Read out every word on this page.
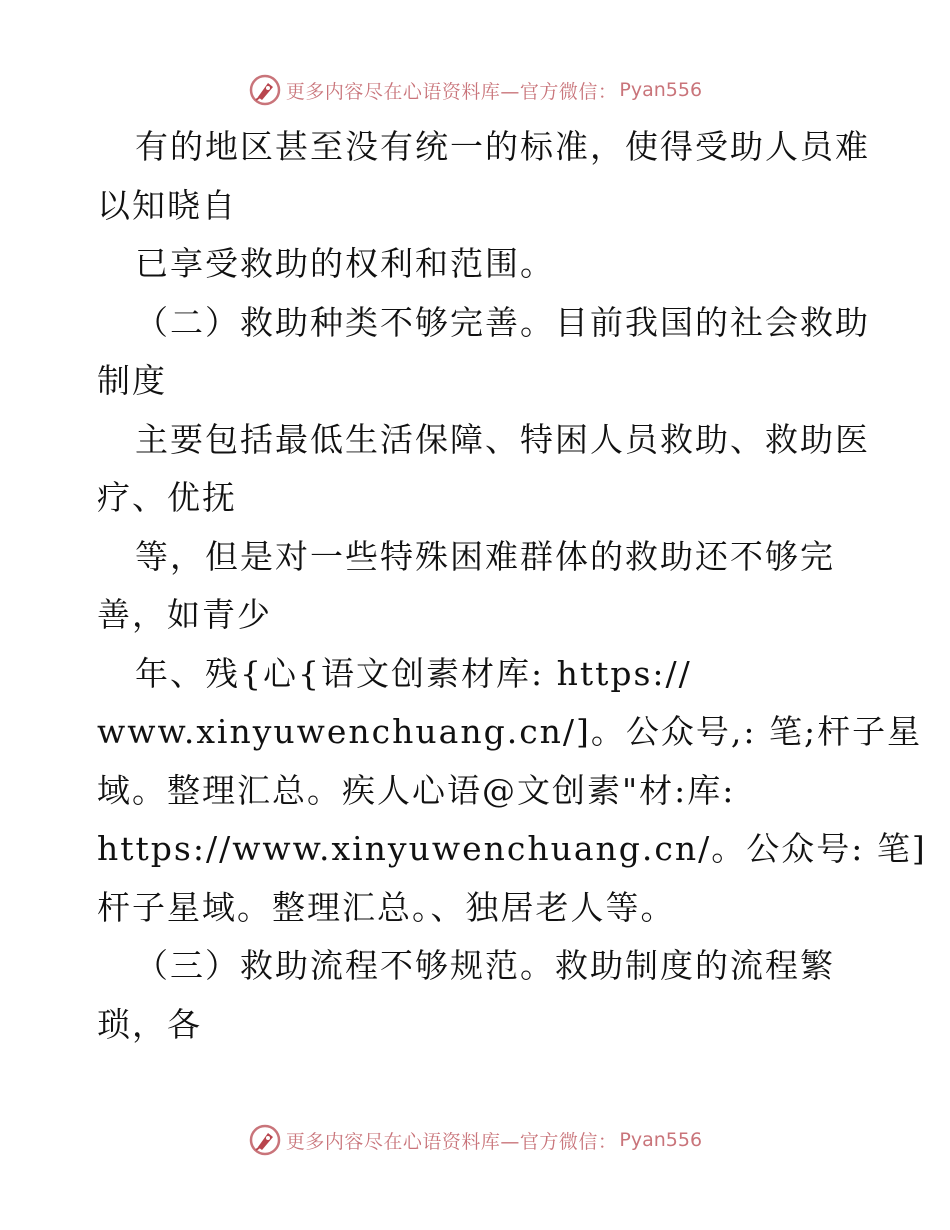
更多内容尽在心语资料库—官方微信： Pyan556
有的地区甚至没有统一的标准，使得受助人员难
以知晓自
已享受救助的权利和范围。
（二）救助种类不够完善。目前我国的社会救助
制度
主要包括最低生活保障、特困人员救助、救助医
疗、优抚
等，但是对一些特殊困难群体的救助还不够完
善，如青少
年、残{心{语文创素材库: https://
www.xinyuwenchuang.cn/]。公众号,: 笔;杆子星
域。整理汇总。疾人心语@文创素"材:库:
https://www.xinyuwenchuang.cn/。公众号: 笔]
杆子星域。整理汇总。、独居老人等。
（三）救助流程不够规范。救助制度的流程繁
琐，各
更多内容尽在心语资料库—官方微信： Pyan556
